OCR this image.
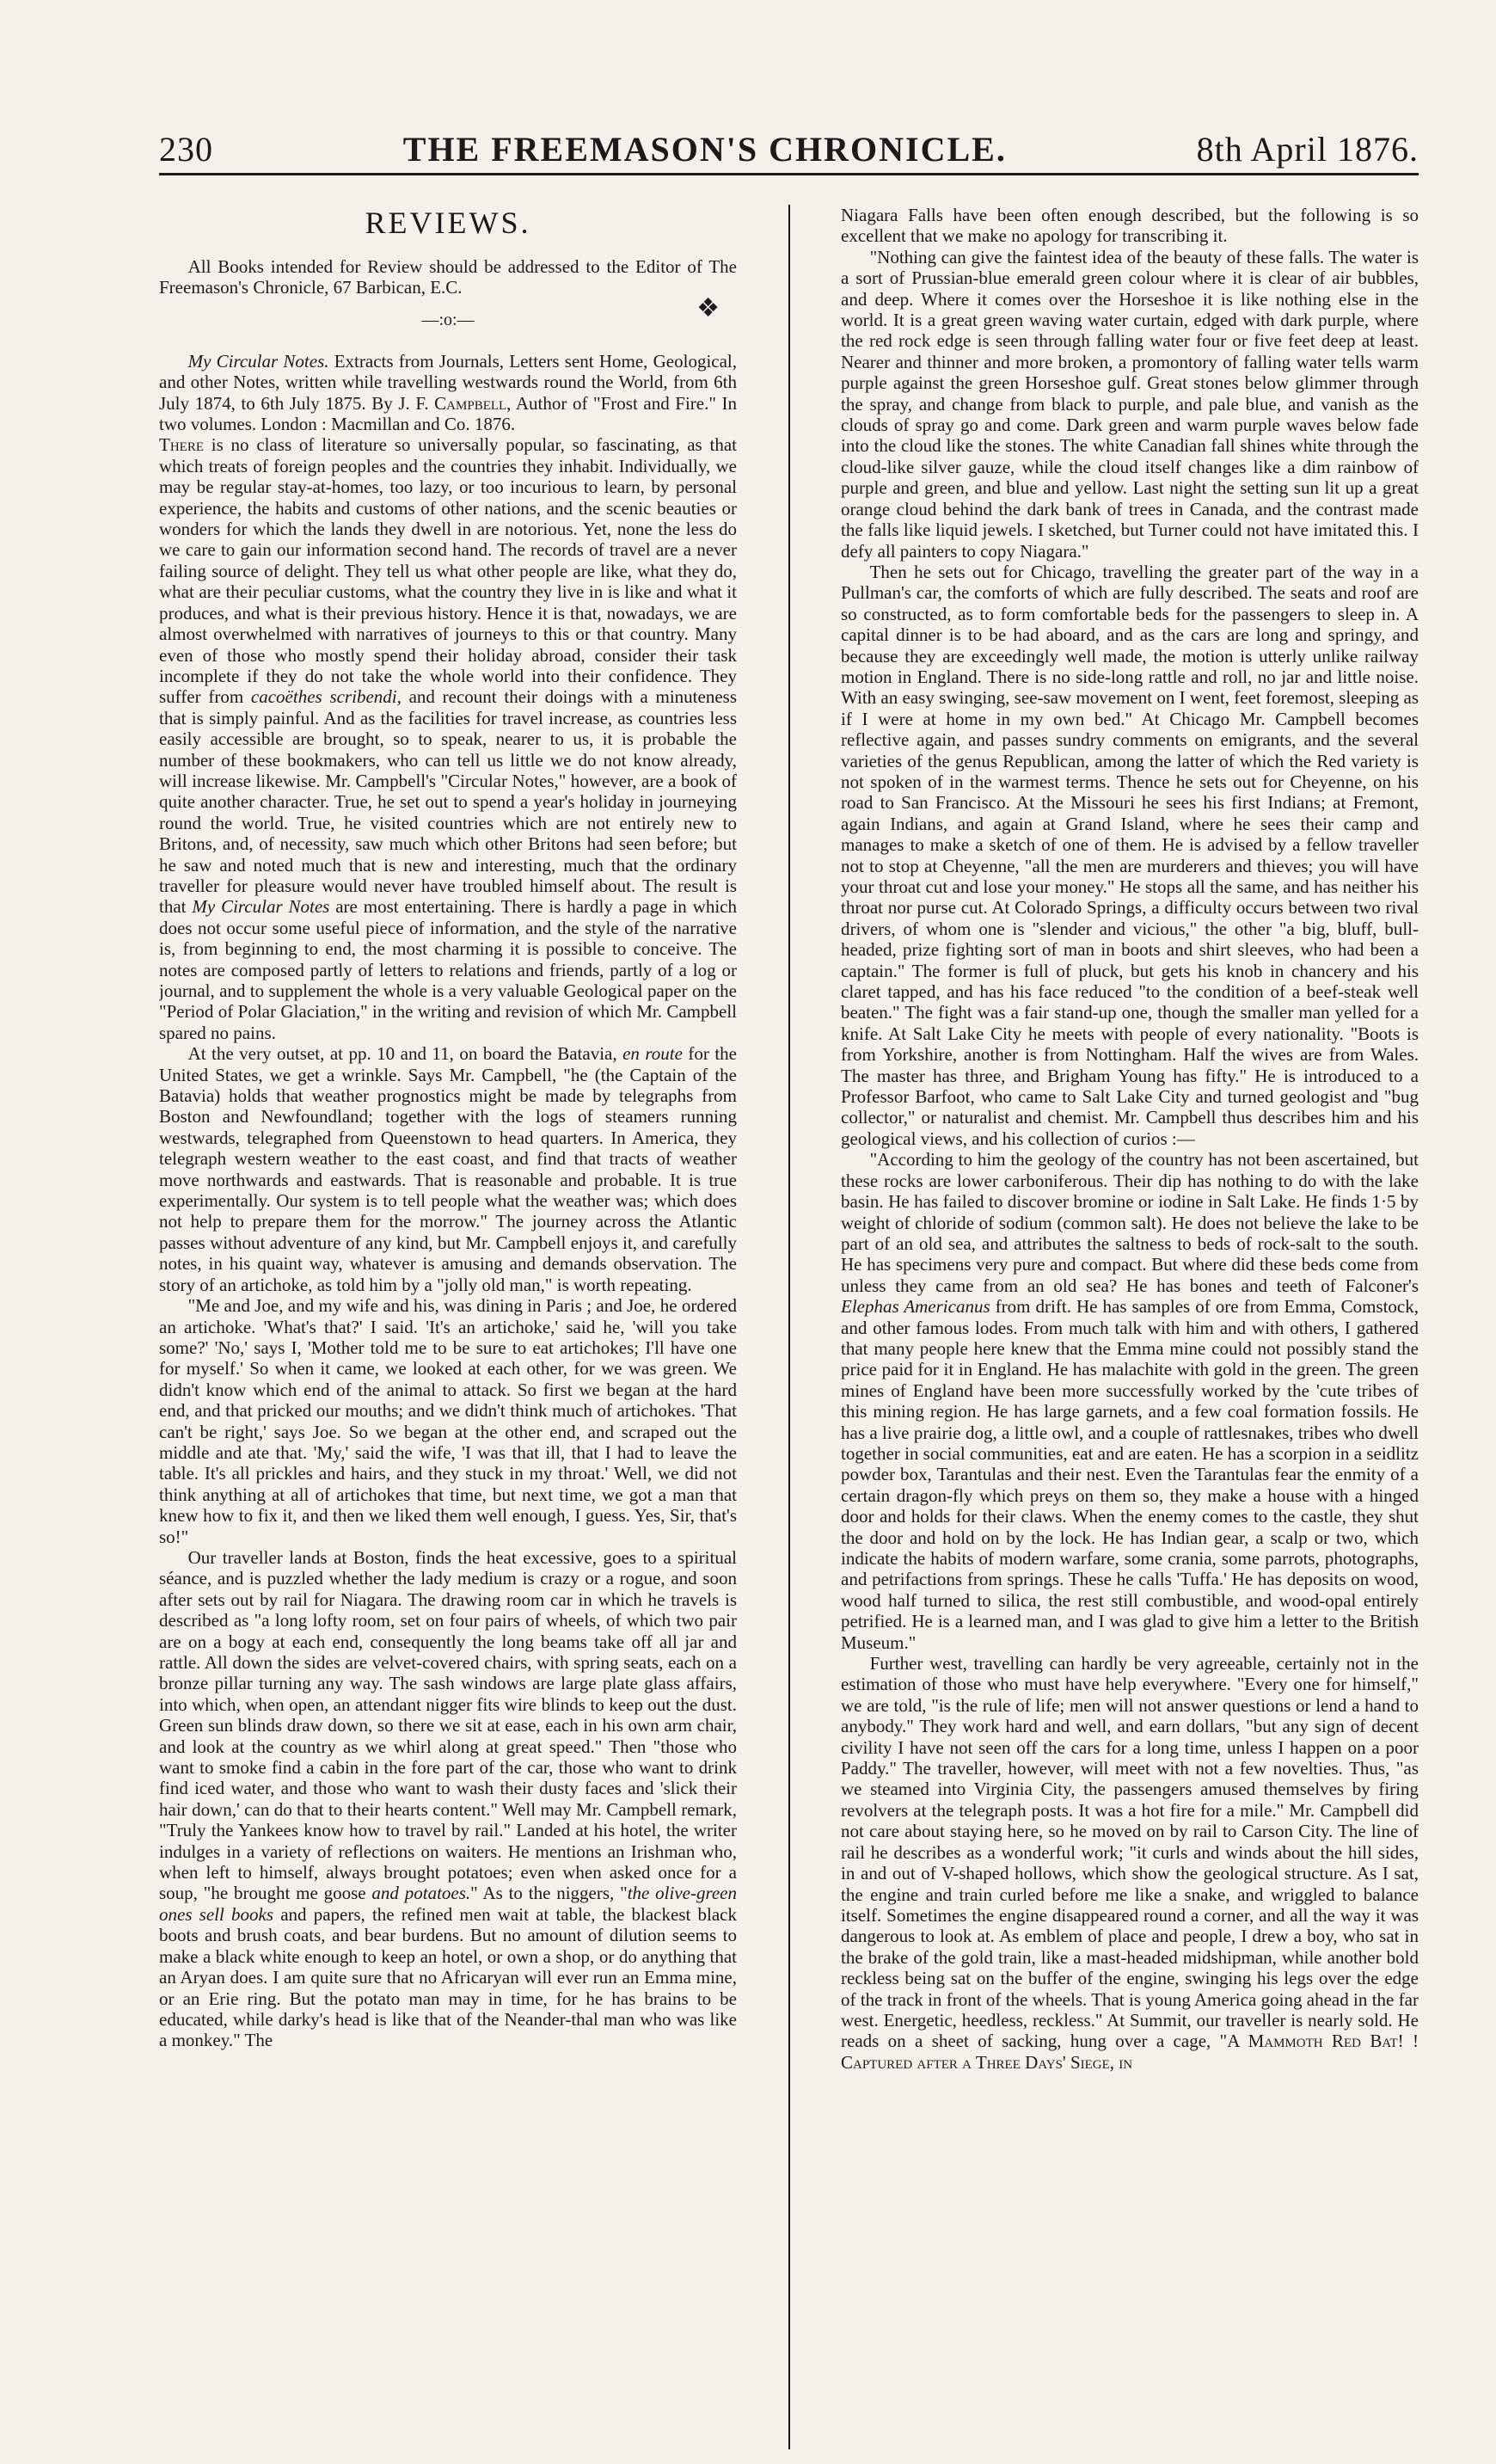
230	THE FREEMASON'S CHRONICLE.	8th April 1876.
REVIEWS.

All Books intended for Review should be addressed to the Editor of The Freemason's Chronicle, 67 Barbican, E.C.

—:o:—	❖

My Circular Notes. Extracts from Journals, Letters sent Home, Geological, and other Notes, written while travelling westwards round the World, from 6th July 1874, to 6th July 1875. By J. F. Campbell, Author of "Frost and Fire." In two volumes. London : Macmillan and Co. 1876.

There is no class of literature so universally popular, so fascinating, as that which treats of foreign peoples and the countries they inhabit. Individually, we may be regular stay-at-homes, too lazy, or too incurious to learn, by personal experience, the habits and customs of other nations, and the scenic beauties or wonders for which the lands they dwell in are notorious. Yet, none the less do we care to gain our information second hand. The records of travel are a never failing source of delight. They tell us what other people are like, what they do, what are their peculiar customs, what the country they live in is like and what it produces, and what is their previous history. Hence it is that, nowadays, we are almost overwhelmed with narratives of journeys to this or that country. Many even of those who mostly spend their holiday abroad, consider their task incomplete if they do not take the whole world into their confidence. They suffer from cacoëthes scribendi, and recount their doings with a minuteness that is simply painful. And as the facilities for travel increase, as countries less easily accessible are brought, so to speak, nearer to us, it is probable the number of these bookmakers, who can tell us little we do not know already, will increase likewise. Mr. Campbell's "Circular Notes," however, are a book of quite another character. True, he set out to spend a year's holiday in journeying round the world. True, he visited countries which are not entirely new to Britons, and, of necessity, saw much which other Britons had seen before; but he saw and noted much that is new and interesting, much that the ordinary traveller for pleasure would never have troubled himself about. The result is that My Circular Notes are most entertaining. There is hardly a page in which does not occur some useful piece of information, and the style of the narrative is, from beginning to end, the most charming it is possible to conceive. The notes are composed partly of letters to relations and friends, partly of a log or journal, and to supplement the whole is a very valuable Geological paper on the "Period of Polar Glaciation," in the writing and revision of which Mr. Campbell spared no pains.

At the very outset, at pp. 10 and 11, on board the Batavia, en route for the United States, we get a wrinkle. Says Mr. Campbell, "he (the Captain of the Batavia) holds that weather prognostics might be made by telegraphs from Boston and Newfoundland; together with the logs of steamers running westwards, telegraphed from Queenstown to head quarters. In America, they telegraph western weather to the east coast, and find that tracts of weather move northwards and eastwards. That is reasonable and probable. It is true experimentally. Our system is to tell people what the weather was; which does not help to prepare them for the morrow." The journey across the Atlantic passes without adventure of any kind, but Mr. Campbell enjoys it, and carefully notes, in his quaint way, whatever is amusing and demands observation. The story of an artichoke, as told him by a "jolly old man," is worth repeating.

"Me and Joe, and my wife and his, was dining in Paris ; and Joe, he ordered an artichoke. 'What's that?' I said. 'It's an artichoke,' said he, 'will you take some?' 'No,' says I, 'Mother told me to be sure to eat artichokes; I'll have one for myself.' So when it came, we looked at each other, for we was green. We didn't know which end of the animal to attack. So first we began at the hard end, and that pricked our mouths; and we didn't think much of artichokes. 'That can't be right,' says Joe. So we began at the other end, and scraped out the middle and ate that. 'My,' said the wife, 'I was that ill, that I had to leave the table. It's all prickles and hairs, and they stuck in my throat.' Well, we did not think anything at all of artichokes that time, but next time, we got a man that knew how to fix it, and then we liked them well enough, I guess. Yes, Sir, that's so!"

Our traveller lands at Boston, finds the heat excessive, goes to a spiritual séance, and is puzzled whether the lady medium is crazy or a rogue, and soon after sets out by rail for Niagara. The drawing room car in which he travels is described as "a long lofty room, set on four pairs of wheels, of which two pair are on a bogy at each end, consequently the long beams take off all jar and rattle. All down the sides are velvet-covered chairs, with spring seats, each on a bronze pillar turning any way. The sash windows are large plate glass affairs, into which, when open, an attendant nigger fits wire blinds to keep out the dust. Green sun blinds draw down, so there we sit at ease, each in his own arm chair, and look at the country as we whirl along at great speed." Then "those who want to smoke find a cabin in the fore part of the car, those who want to drink find iced water, and those who want to wash their dusty faces and 'slick their hair down,' can do that to their hearts content." Well may Mr. Campbell remark, "Truly the Yankees know how to travel by rail." Landed at his hotel, the writer indulges in a variety of reflections on waiters. He mentions an Irishman who, when left to himself, always brought potatoes; even when asked once for a soup, "he brought me goose and potatoes." As to the niggers, "the olive-green ones sell books and papers, the refined men wait at table, the blackest black boots and brush coats, and bear burdens. But no amount of dilution seems to make a black white enough to keep an hotel, or own a shop, or do anything that an Aryan does. I am quite sure that no Africaryan will ever run an Emma mine, or an Erie ring. But the potato man may in time, for he has brains to be educated, while darky's head is like that of the Neander-thal man who was like a monkey." The

Niagara Falls have been often enough described, but the following is so excellent that we make no apology for transcribing it.

"Nothing can give the faintest idea of the beauty of these falls. The water is a sort of Prussian-blue emerald green colour where it is clear of air bubbles, and deep. Where it comes over the Horseshoe it is like nothing else in the world. It is a great green waving water curtain, edged with dark purple, where the red rock edge is seen through falling water four or five feet deep at least. Nearer and thinner and more broken, a promontory of falling water tells warm purple against the green Horseshoe gulf. Great stones below glimmer through the spray, and change from black to purple, and pale blue, and vanish as the clouds of spray go and come. Dark green and warm purple waves below fade into the cloud like the stones. The white Canadian fall shines white through the cloud-like silver gauze, while the cloud itself changes like a dim rainbow of purple and green, and blue and yellow. Last night the setting sun lit up a great orange cloud behind the dark bank of trees in Canada, and the contrast made the falls like liquid jewels. I sketched, but Turner could not have imitated this. I defy all painters to copy Niagara."

Then he sets out for Chicago, travelling the greater part of the way in a Pullman's car, the comforts of which are fully described. The seats and roof are so constructed, as to form comfortable beds for the passengers to sleep in. A capital dinner is to be had aboard, and as the cars are long and springy, and because they are exceedingly well made, the motion is utterly unlike railway motion in England. There is no side-long rattle and roll, no jar and little noise. With an easy swinging, see-saw movement on I went, feet foremost, sleeping as if I were at home in my own bed." At Chicago Mr. Campbell becomes reflective again, and passes sundry comments on emigrants, and the several varieties of the genus Republican, among the latter of which the Red variety is not spoken of in the warmest terms. Thence he sets out for Cheyenne, on his road to San Francisco. At the Missouri he sees his first Indians; at Fremont, again Indians, and again at Grand Island, where he sees their camp and manages to make a sketch of one of them. He is advised by a fellow traveller not to stop at Cheyenne, "all the men are murderers and thieves; you will have your throat cut and lose your money." He stops all the same, and has neither his throat nor purse cut. At Colorado Springs, a difficulty occurs between two rival drivers, of whom one is "slender and vicious," the other "a big, bluff, bull-headed, prize fighting sort of man in boots and shirt sleeves, who had been a captain." The former is full of pluck, but gets his knob in chancery and his claret tapped, and has his face reduced "to the condition of a beef-steak well beaten." The fight was a fair stand-up one, though the smaller man yelled for a knife. At Salt Lake City he meets with people of every nationality. "Boots is from Yorkshire, another is from Nottingham. Half the wives are from Wales. The master has three, and Brigham Young has fifty." He is introduced to a Professor Barfoot, who came to Salt Lake City and turned geologist and "bug collector," or naturalist and chemist. Mr. Campbell thus describes him and his geological views, and his collection of curios :—

"According to him the geology of the country has not been ascertained, but these rocks are lower carboniferous. Their dip has nothing to do with the lake basin. He has failed to discover bromine or iodine in Salt Lake. He finds 1·5 by weight of chloride of sodium (common salt). He does not believe the lake to be part of an old sea, and attributes the saltness to beds of rock-salt to the south. He has specimens very pure and compact. But where did these beds come from unless they came from an old sea? He has bones and teeth of Falconer's Elephas Americanus from drift. He has samples of ore from Emma, Comstock, and other famous lodes. From much talk with him and with others, I gathered that many people here knew that the Emma mine could not possibly stand the price paid for it in England. He has malachite with gold in the green. The green mines of England have been more successfully worked by the 'cute tribes of this mining region. He has large garnets, and a few coal formation fossils. He has a live prairie dog, a little owl, and a couple of rattlesnakes, tribes who dwell together in social communities, eat and are eaten. He has a scorpion in a seidlitz powder box, Tarantulas and their nest. Even the Tarantulas fear the enmity of a certain dragon-fly which preys on them so, they make a house with a hinged door and holds for their claws. When the enemy comes to the castle, they shut the door and hold on by the lock. He has Indian gear, a scalp or two, which indicate the habits of modern warfare, some crania, some parrots, photographs, and petrifactions from springs. These he calls 'Tuffa.' He has deposits on wood, wood half turned to silica, the rest still combustible, and wood-opal entirely petrified. He is a learned man, and I was glad to give him a letter to the British Museum."

Further west, travelling can hardly be very agreeable, certainly not in the estimation of those who must have help everywhere. "Every one for himself," we are told, "is the rule of life; men will not answer questions or lend a hand to anybody." They work hard and well, and earn dollars, "but any sign of decent civility I have not seen off the cars for a long time, unless I happen on a poor Paddy." The traveller, however, will meet with not a few novelties. Thus, "as we steamed into Virginia City, the passengers amused themselves by firing revolvers at the telegraph posts. It was a hot fire for a mile." Mr. Campbell did not care about staying here, so he moved on by rail to Carson City. The line of rail he describes as a wonderful work; "it curls and winds about the hill sides, in and out of V-shaped hollows, which show the geological structure. As I sat, the engine and train curled before me like a snake, and wriggled to balance itself. Sometimes the engine disappeared round a corner, and all the way it was dangerous to look at. As emblem of place and people, I drew a boy, who sat in the brake of the gold train, like a mast-headed midshipman, while another bold reckless being sat on the buffer of the engine, swinging his legs over the edge of the track in front of the wheels. That is young America going ahead in the far west. Energetic, heedless, reckless." At Summit, our traveller is nearly sold. He reads on a sheet of sacking, hung over a cage, "A Mammoth Red Bat! ! Captured after a Three Days' Siege, in
